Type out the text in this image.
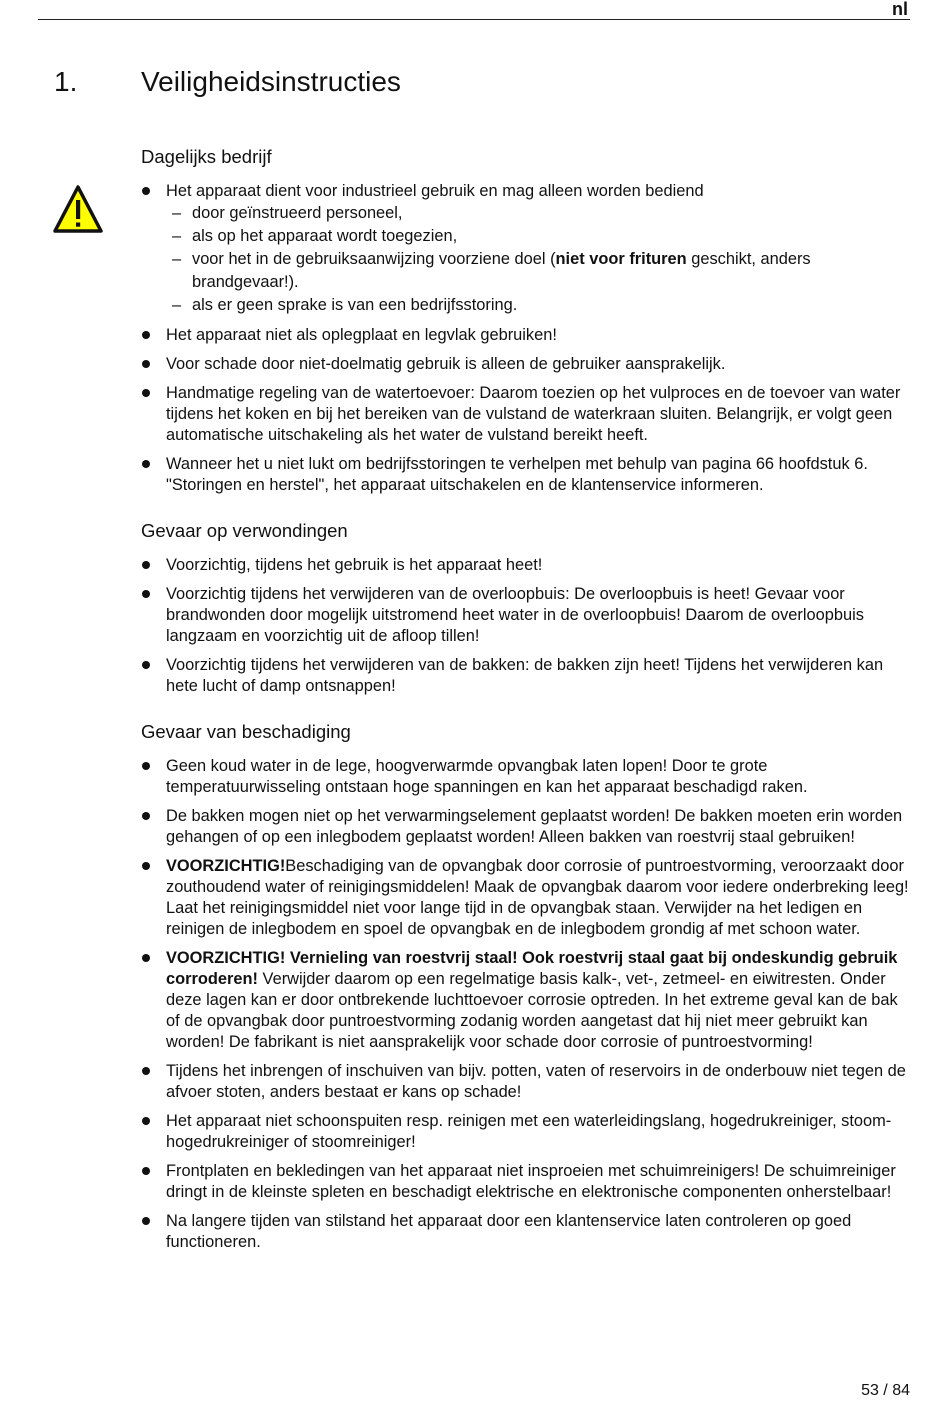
nl
1. Veiligheidsinstructies
Dagelijks bedrijf
Het apparaat dient voor industrieel gebruik en mag alleen worden bediend
– door geïnstrueerd personeel,
– als op het apparaat wordt toegezien,
– voor het in de gebruiksaanwijzing voorziene doel (niet voor frituren geschikt, anders brandgevaar!).
– als er geen sprake is van een bedrijfsstoring.
Het apparaat niet als oplegplaat en legvlak gebruiken!
Voor schade door niet-doelmatig gebruik is alleen de gebruiker aansprakelijk.
Handmatige regeling van de watertoevoer: Daarom toezien op het vulproces en de toevoer van water tijdens het koken en bij het bereiken van de vulstand de waterkraan sluiten. Belangrijk, er volgt geen automatische uitschakeling als het water de vulstand bereikt heeft.
Wanneer het u niet lukt om bedrijfsstoringen te verhelpen met behulp van pagina 66 hoofdstuk 6. "Storingen en herstel", het apparaat uitschakelen en de klantenservice informeren.
Gevaar op verwondingen
Voorzichtig, tijdens het gebruik is het apparaat heet!
Voorzichtig tijdens het verwijderen van de overloopbuis: De overloopbuis is heet! Gevaar voor brandwonden door mogelijk uitstromend heet water in de overloopbuis! Daarom de overloopbuis langzaam en voorzichtig uit de afloop tillen!
Voorzichtig tijdens het verwijderen van de bakken: de bakken zijn heet! Tijdens het verwijderen kan hete lucht of damp ontsnappen!
Gevaar van beschadiging
Geen koud water in de lege, hoogverwarmde opvangbak laten lopen! Door te grote temperatuurwisseling ontstaan hoge spanningen en kan het apparaat beschadigd raken.
De bakken mogen niet op het verwarmingselement geplaatst worden! De bakken moeten erin worden gehangen of op een inlegbodem geplaatst worden! Alleen bakken van roestvrij staal gebruiken!
VOORZICHTIG!Beschadiging van de opvangbak door corrosie of puntroestvorming, veroorzaakt door zouthoudend water of reinigingsmiddelen! Maak de opvangbak daarom voor iedere onderbreking leeg! Laat het reinigingsmiddel niet voor lange tijd in de opvangbak staan. Verwijder na het ledigen en reinigen de inlegbodem en spoel de opvangbak en de inlegbodem grondig af met schoon water.
VOORZICHTIG! Vernieling van roestvrij staal! Ook roestvrij staal gaat bij ondeskundig gebruik corroderen! Verwijder daarom op een regelmatige basis kalk-, vet-, zetmeel- en eiwitresten. Onder deze lagen kan er door ontbrekende luchttoevoer corrosie optreden. In het extreme geval kan de bak of de opvangbak door puntroestvorming zodanig worden aangetast dat hij niet meer gebruikt kan worden! De fabrikant is niet aansprakelijk voor schade door corrosie of puntroestvorming!
Tijdens het inbrengen of inschuiven van bijv. potten, vaten of reservoirs in de onderbouw niet tegen de afvoer stoten, anders bestaat er kans op schade!
Het apparaat niet schoonspuiten resp. reinigen met een waterleidingslang, hogedrukreiniger, stoom-hogedrukreiniger of stoomreiniger!
Frontplaten en bekledingen van het apparaat niet insproeien met schuimreinigers! De schuimreiniger dringt in de kleinste spleten en beschadigt elektrische en elektronische componenten onherstelbaar!
Na langere tijden van stilstand het apparaat door een klantenservice laten controleren op goed functioneren.
53 / 84
